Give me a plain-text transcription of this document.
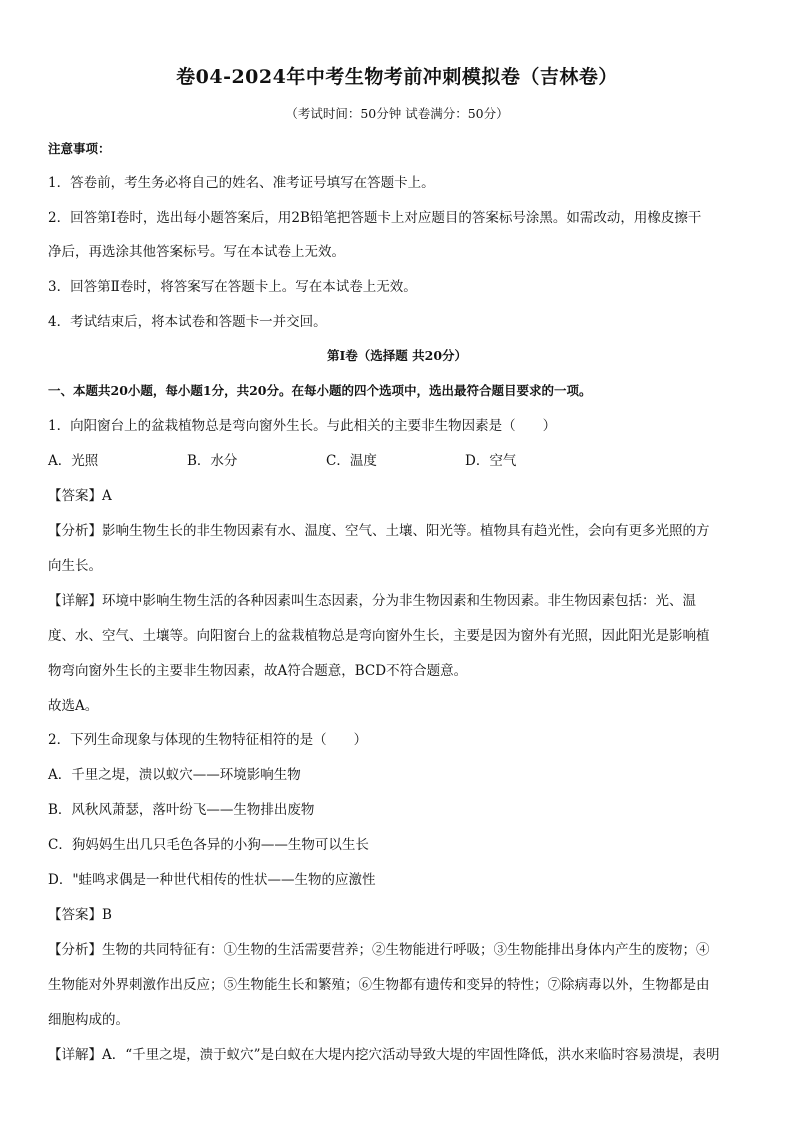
卷04-2024年中考生物考前冲刺模拟卷（吉林卷）
（考试时间：50分钟 试卷满分：50分）
注意事项：
1．答卷前，考生务必将自己的姓名、准考证号填写在答题卡上。
2．回答第Ⅰ卷时，选出每小题答案后，用2B铅笔把答题卡上对应题目的答案标号涂黑。如需改动，用橡皮擦干
净后，再选涂其他答案标号。写在本试卷上无效。
3．回答第Ⅱ卷时，将答案写在答题卡上。写在本试卷上无效。
4．考试结束后，将本试卷和答题卡一并交回。
第Ⅰ卷（选择题 共20分）
一、本题共20小题，每小题1分，共20分。在每小题的四个选项中，选出最符合题目要求的一项。
1．向阳窗台上的盆栽植物总是弯向窗外生长。与此相关的主要非生物因素是（　　）
A．光照	B．水分	C．温度	D．空气
【答案】A
【分析】影响生物生长的非生物因素有水、温度、空气、土壤、阳光等。植物具有趋光性，会向有更多光照的方
向生长。
【详解】环境中影响生物生活的各种因素叫生态因素，分为非生物因素和生物因素。非生物因素包括：光、温
度、水、空气、土壤等。向阳窗台上的盆栽植物总是弯向窗外生长，主要是因为窗外有光照，因此阳光是影响植
物弯向窗外生长的主要非生物因素，故A符合题意，BCD不符合题意。
故选A。
2．下列生命现象与体现的生物特征相符的是（　　）
A．千里之堤，溃以蚁穴——环境影响生物
B．风秋风萧瑟，落叶纷飞——生物排出废物
C．狗妈妈生出几只毛色各异的小狗——生物可以生长
D．"蛙鸣求偶是一种世代相传的性状——生物的应激性
【答案】B
【分析】生物的共同特征有：①生物的生活需要营养；②生物能进行呼吸；③生物能排出身体内产生的废物；④
生物能对外界刺激作出反应；⑤生物能生长和繁殖；⑥生物都有遗传和变异的特性；⑦除病毒以外，生物都是由
细胞构成的。
【详解】A．“千里之堤，溃于蚁穴”是白蚁在大堤内挖穴活动导致大堤的牢固性降低，洪水来临时容易溃堤，表明
